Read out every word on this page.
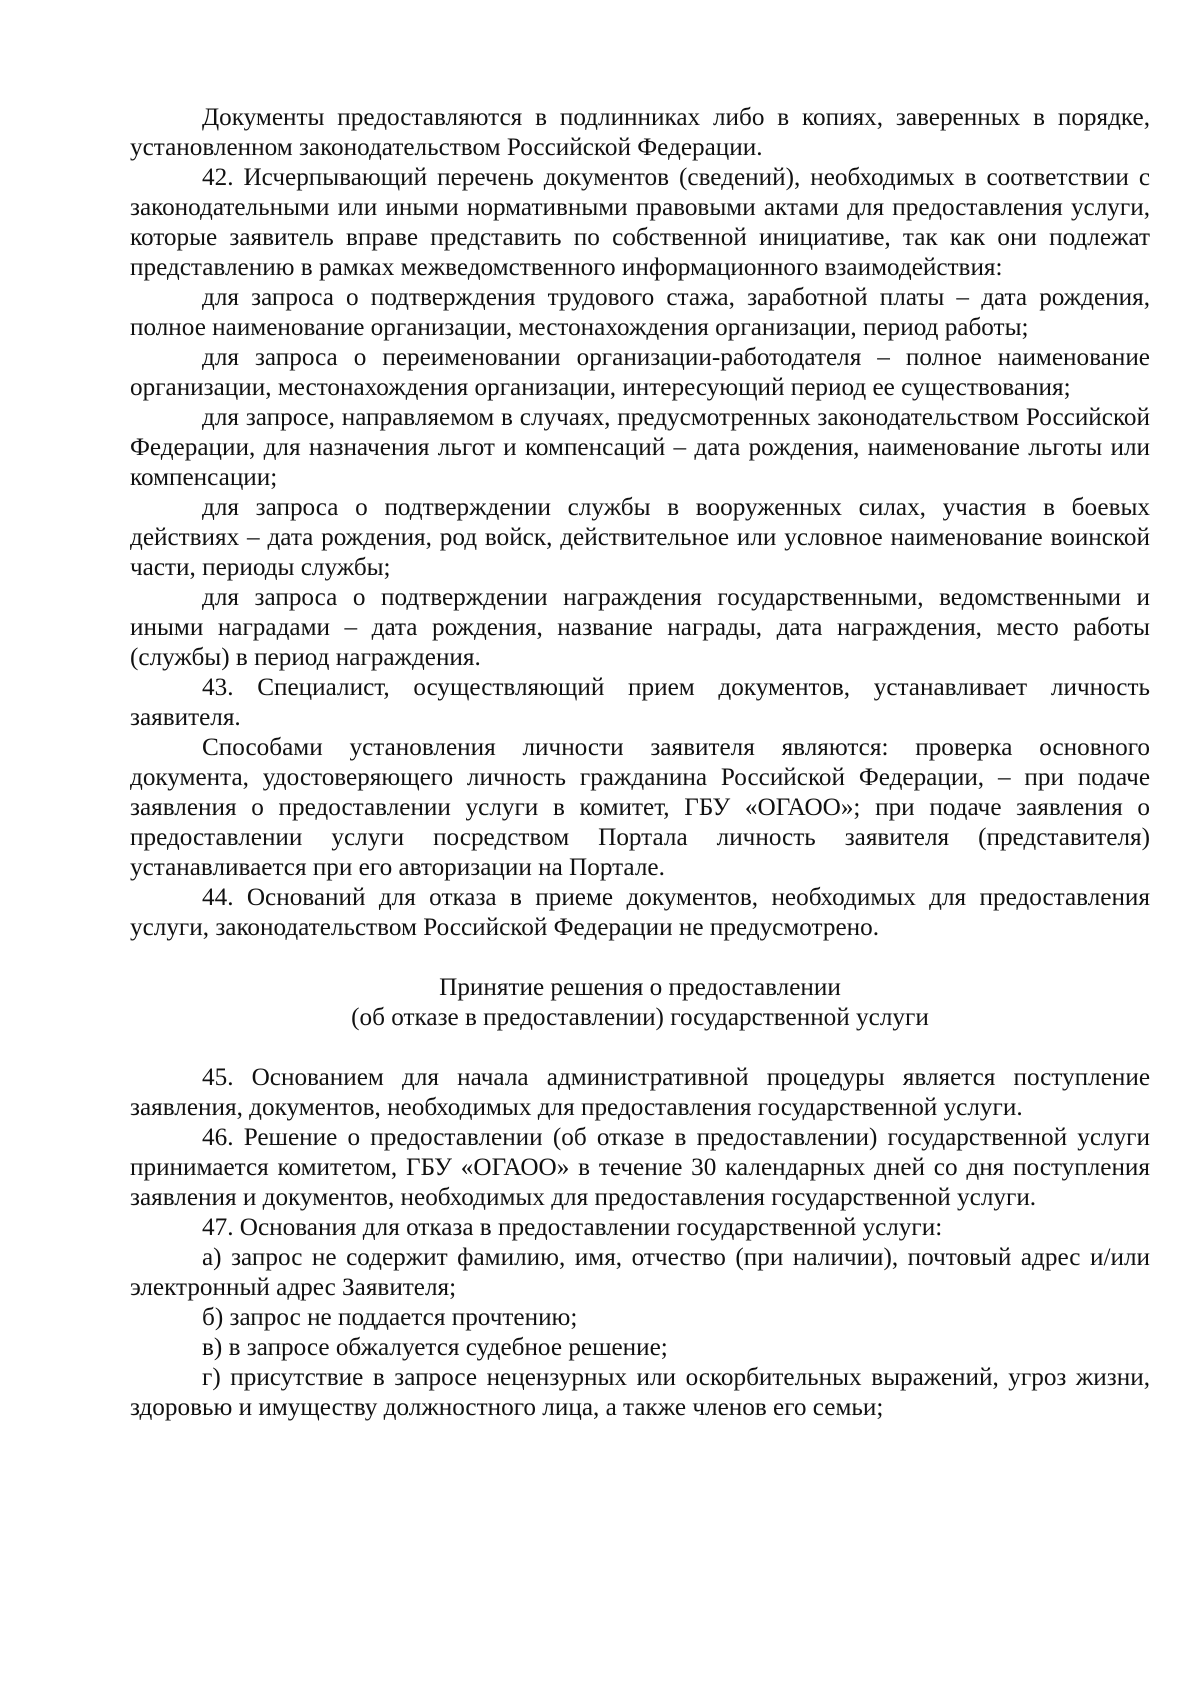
Документы предоставляются в подлинниках либо в копиях, заверенных в порядке, установленном законодательством Российской Федерации.

42. Исчерпывающий перечень документов (сведений), необходимых в соответствии с законодательными или иными нормативными правовыми актами для предоставления услуги, которые заявитель вправе представить по собственной инициативе, так как они подлежат представлению в рамках межведомственного информационного взаимодействия:

для запроса о подтверждения трудового стажа, заработной платы – дата рождения, полное наименование организации, местонахождения организации, период работы;

для запроса о переименовании организации-работодателя – полное наименование организации, местонахождения организации, интересующий период ее существования;

для запросе, направляемом в случаях, предусмотренных законодательством Российской Федерации, для назначения льгот и компенсаций – дата рождения, наименование льготы или компенсации;

для запроса о подтверждении службы в вооруженных силах, участия в боевых действиях – дата рождения, род войск, действительное или условное наименование воинской части, периоды службы;

для запроса о подтверждении награждения государственными, ведомственными и иными наградами – дата рождения, название награды, дата награждения, место работы (службы) в период награждения.

43. Специалист, осуществляющий прием документов, устанавливает личность заявителя.

Способами установления личности заявителя являются: проверка основного документа, удостоверяющего личность гражданина Российской Федерации, – при подаче заявления о предоставлении услуги в комитет, ГБУ «ОГАОО»; при подаче заявления о предоставлении услуги посредством Портала личность заявителя (представителя) устанавливается при его авторизации на Портале.

44. Оснований для отказа в приеме документов, необходимых для предоставления услуги, законодательством Российской Федерации не предусмотрено.

Принятие решения о предоставлении
(об отказе в предоставлении) государственной услуги

45. Основанием для начала административной процедуры является поступление заявления, документов, необходимых для предоставления государственной услуги.

46. Решение о предоставлении (об отказе в предоставлении) государственной услуги принимается комитетом, ГБУ «ОГАОО» в течение 30 календарных дней со дня поступления заявления и документов, необходимых для предоставления государственной услуги.

47. Основания для отказа в предоставлении государственной услуги:

а) запрос не содержит фамилию, имя, отчество (при наличии), почтовый адрес и/или электронный адрес Заявителя;

б) запрос не поддается прочтению;

в) в запросе обжалуется судебное решение;

г) присутствие в запросе нецензурных или оскорбительных выражений, угроз жизни, здоровью и имуществу должностного лица, а также членов его семьи;
